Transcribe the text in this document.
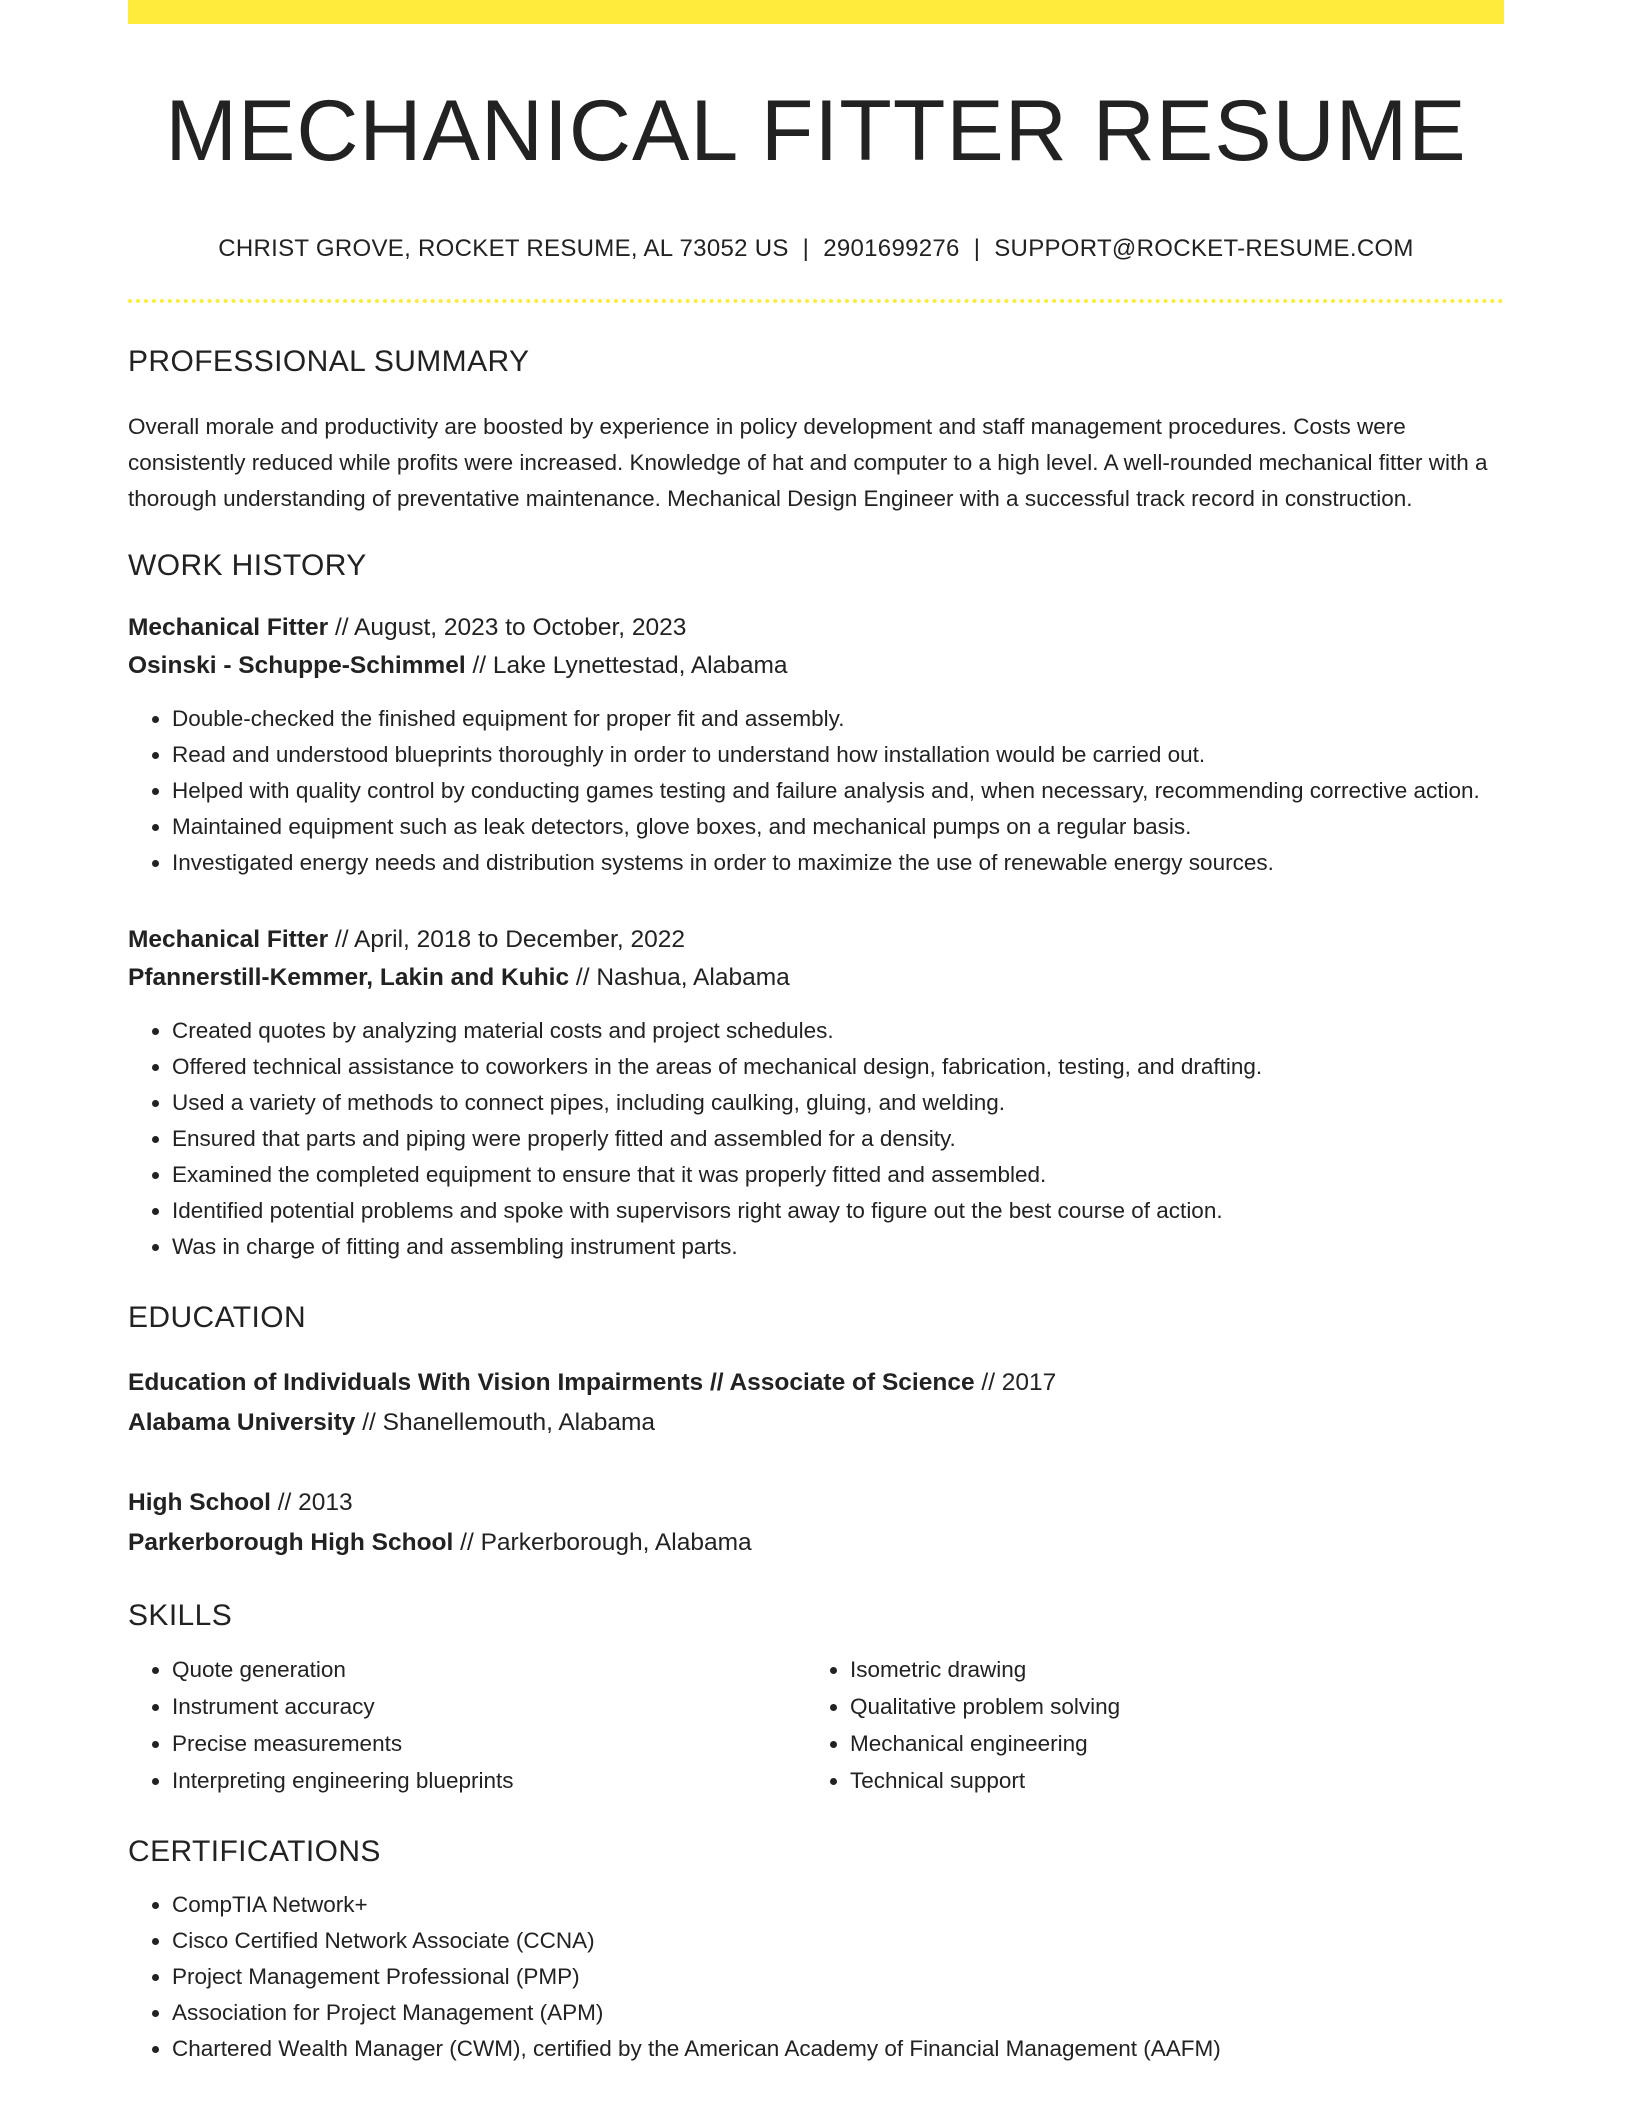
MECHANICAL FITTER RESUME
CHRIST GROVE, ROCKET RESUME, AL 73052 US | 2901699276 | SUPPORT@ROCKET-RESUME.COM
PROFESSIONAL SUMMARY

Overall morale and productivity are boosted by experience in policy development and staff management procedures. Costs were consistently reduced while profits were increased. Knowledge of hat and computer to a high level. A well-rounded mechanical fitter with a thorough understanding of preventative maintenance. Mechanical Design Engineer with a successful track record in construction.

WORK HISTORY

Mechanical Fitter // August, 2023 to October, 2023

Osinski - Schuppe-Schimmel // Lake Lynettestad, Alabama

• Double-checked the finished equipment for proper fit and assembly.
• Read and understood blueprints thoroughly in order to understand how installation would be carried out.
• Helped with quality control by conducting games testing and failure analysis and, when necessary, recommending corrective action.
• Maintained equipment such as leak detectors, glove boxes, and mechanical pumps on a regular basis.
• Investigated energy needs and distribution systems in order to maximize the use of renewable energy sources.

Mechanical Fitter // April, 2018 to December, 2022

Pfannerstill-Kemmer, Lakin and Kuhic // Nashua, Alabama

• Created quotes by analyzing material costs and project schedules.
• Offered technical assistance to coworkers in the areas of mechanical design, fabrication, testing, and drafting.
• Used a variety of methods to connect pipes, including caulking, gluing, and welding.
• Ensured that parts and piping were properly fitted and assembled for a density.
• Examined the completed equipment to ensure that it was properly fitted and assembled.
• Identified potential problems and spoke with supervisors right away to figure out the best course of action.
• Was in charge of fitting and assembling instrument parts.
EDUCATION

Education of Individuals With Vision Impairments // Associate of Science // 2017

Alabama University // Shanellemouth, Alabama

High School // 2013

Parkerborough High School // Parkerborough, Alabama

SKILLS
• Quote generation
• Instrument accuracy
• Precise measurements
• Interpreting engineering blueprints
• Isometric drawing
• Qualitative problem solving
• Mechanical engineering
• Technical support
CERTIFICATIONS
• CompTIA Network+
• Cisco Certified Network Associate (CCNA)
• Project Management Professional (PMP)
• Association for Project Management (APM)
• Chartered Wealth Manager (CWM), certified by the American Academy of Financial Management (AAFM)
